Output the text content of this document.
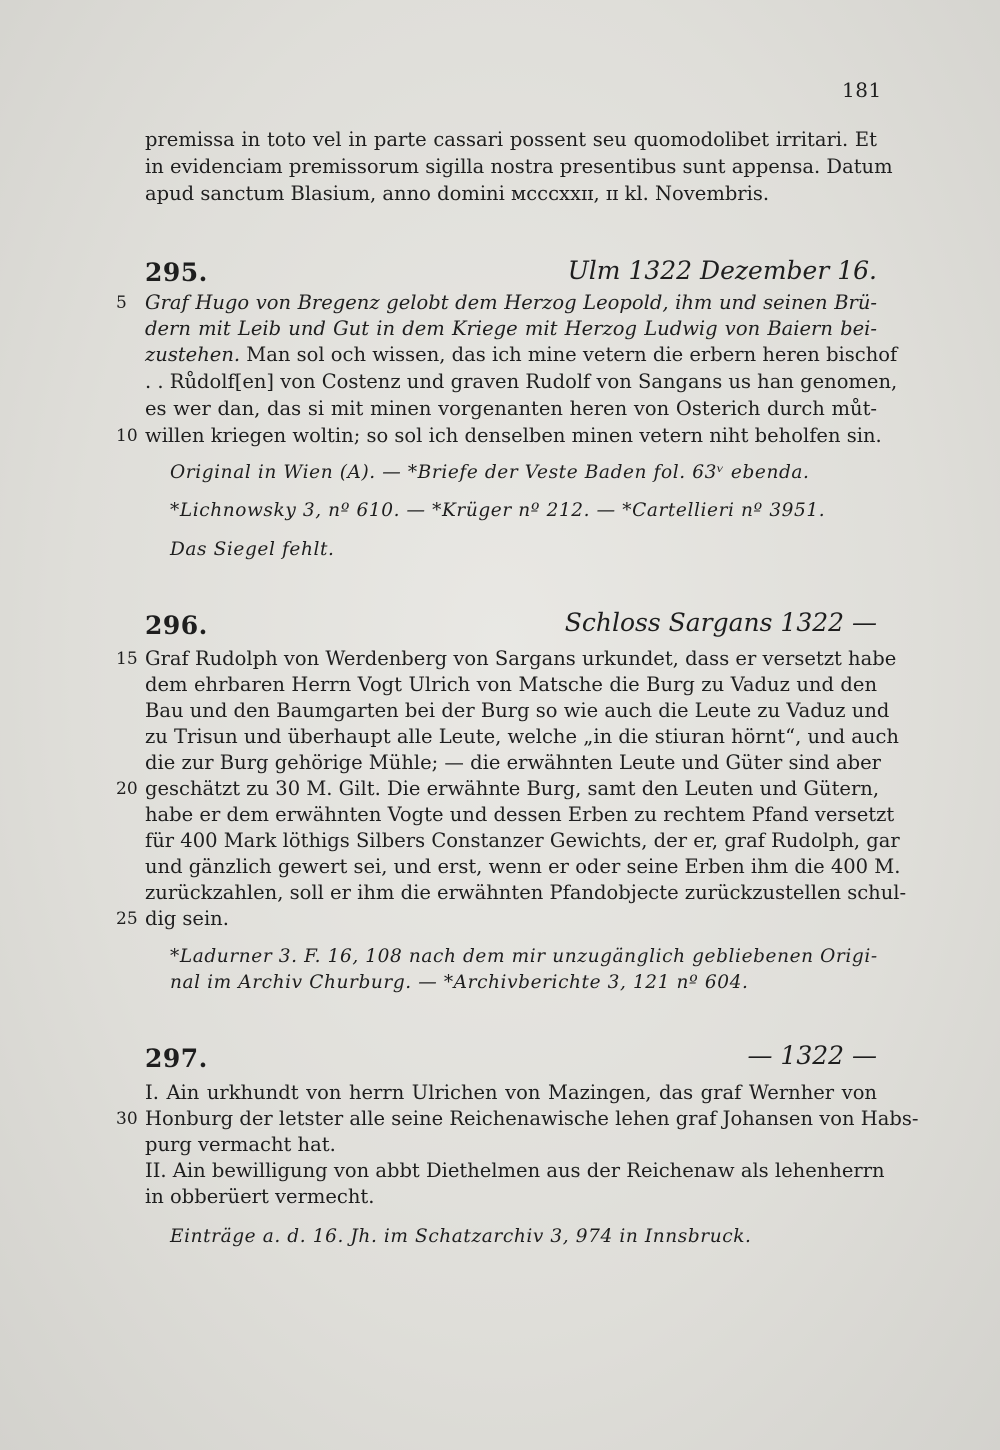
181
premissa in toto vel in parte cassari possent seu quomodolibet irritari. Et
in evidenciam premissorum sigilla nostra presentibus sunt appensa. Datum
apud sanctum Blasium, anno domini ᴍccᴄxxɪɪ, ɪɪ kl. Novembris.
295.	Ulm 1322 Dezember 16.
5 Graf Hugo von Bregenz gelobt dem Herzog Leopold, ihm und seinen Brü-
dern mit Leib und Gut in dem Kriege mit Herzog Ludwig von Baiern bei-
zustehen. Man sol och wissen, das ich mine vetern die erbern heren bischof
. . Růdolf[en] von Costenz und graven Rudolf von Sangans us han genomen,
es wer dan, das si mit minen vorgenanten heren von Osterich durch můt-
10 willen kriegen woltin; so sol ich denselben minen vetern niht beholfen sin.
Original in Wien (A). — *Briefe der Veste Baden fol. 63ᵛ ebenda.
*Lichnowsky 3, nº 610. — *Krüger nº 212. — *Cartellieri nº 3951.
Das Siegel fehlt.
296.	Schloss Sargans 1322 —
15 Graf Rudolph von Werdenberg von Sargans urkundet, dass er versetzt habe
dem ehrbaren Herrn Vogt Ulrich von Matsche die Burg zu Vaduz und den
Bau und den Baumgarten bei der Burg so wie auch die Leute zu Vaduz und
zu Trisun und überhaupt alle Leute, welche „in die stiuran hörnt“, und auch
die zur Burg gehörige Mühle; — die erwähnten Leute und Güter sind aber
20 geschätzt zu 30 M. Gilt. Die erwähnte Burg, samt den Leuten und Gütern,
habe er dem erwähnten Vogte und dessen Erben zu rechtem Pfand versetzt
für 400 Mark löthigs Silbers Constanzer Gewichts, der er, graf Rudolph, gar
und gänzlich gewert sei, und erst, wenn er oder seine Erben ihm die 400 M.
zurückzahlen, soll er ihm die erwähnten Pfandobjecte zurückzustellen schul-
25 dig sein.
*Ladurner 3. F. 16, 108 nach dem mir unzugänglich gebliebenen Origi-
nal im Archiv Churburg. — *Archivberichte 3, 121 nº 604.
297.	— 1322 —
I. Ain urkhundt von herrn Ulrichen von Mazingen, das graf Wernher von
30 Honburg der letster alle seine Reichenawische lehen graf Johansen von Habs-
purg vermacht hat.
II. Ain bewilligung von abbt Diethelmen aus der Reichenaw als lehenherrn
in obberüert vermecht.
Einträge a. d. 16. Jh. im Schatzarchiv 3, 974 in Innsbruck.
